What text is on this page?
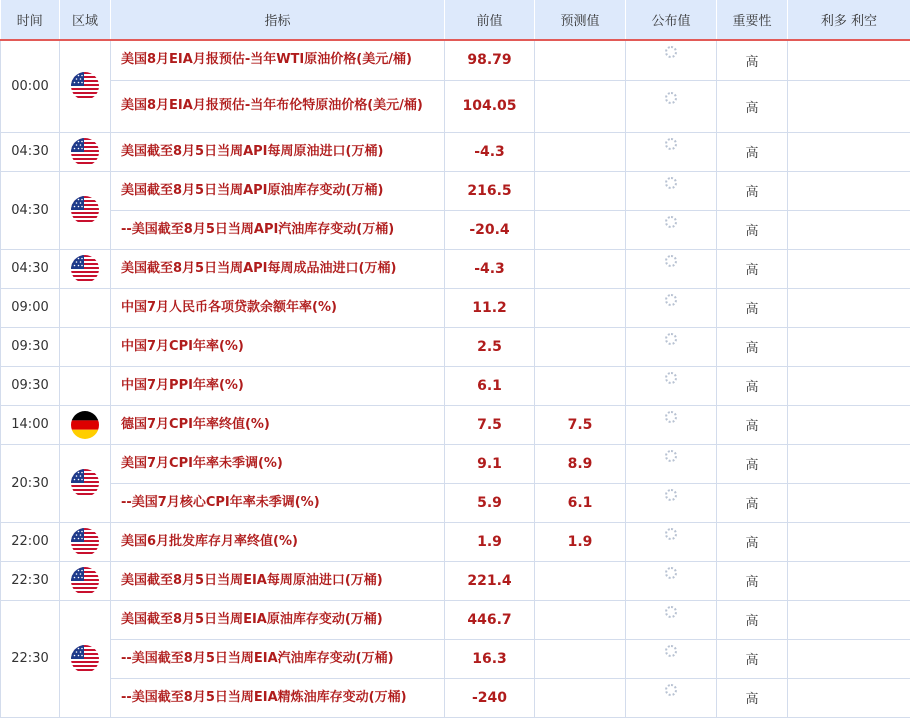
时间	区域	指标	前值	预测值	公布值	重要性	利多 利空
00:00		美国8月EIA月报预估-当年WTI原油价格(美元/桶)	98.79			高	
		美国8月EIA月报预估-当年布伦特原油价格(美元/桶)	104.05			高	
04:30		美国截至8月5日当周API每周原油进口(万桶)	-4.3			高	
04:30		美国截至8月5日当周API原油库存变动(万桶)	216.5			高	
		--美国截至8月5日当周API汽油库存变动(万桶)	-20.4			高	
04:30		美国截至8月5日当周API每周成品油进口(万桶)	-4.3			高	
09:00		中国7月人民币各项贷款余额年率(%)	11.2			高	
09:30		中国7月CPI年率(%)	2.5			高	
09:30		中国7月PPI年率(%)	6.1			高	
14:00		德国7月CPI年率终值(%)	7.5	7.5		高	
20:30		美国7月CPI年率未季调(%)	9.1	8.9		高	
		--美国7月核心CPI年率未季调(%)	5.9	6.1		高	
22:00		美国6月批发库存月率终值(%)	1.9	1.9		高	
22:30		美国截至8月5日当周EIA每周原油进口(万桶)	221.4			高	
22:30		美国截至8月5日当周EIA原油库存变动(万桶)	446.7			高	
		--美国截至8月5日当周EIA汽油库存变动(万桶)	16.3			高	
		--美国截至8月5日当周EIA精炼油库存变动(万桶)	-240			高	
